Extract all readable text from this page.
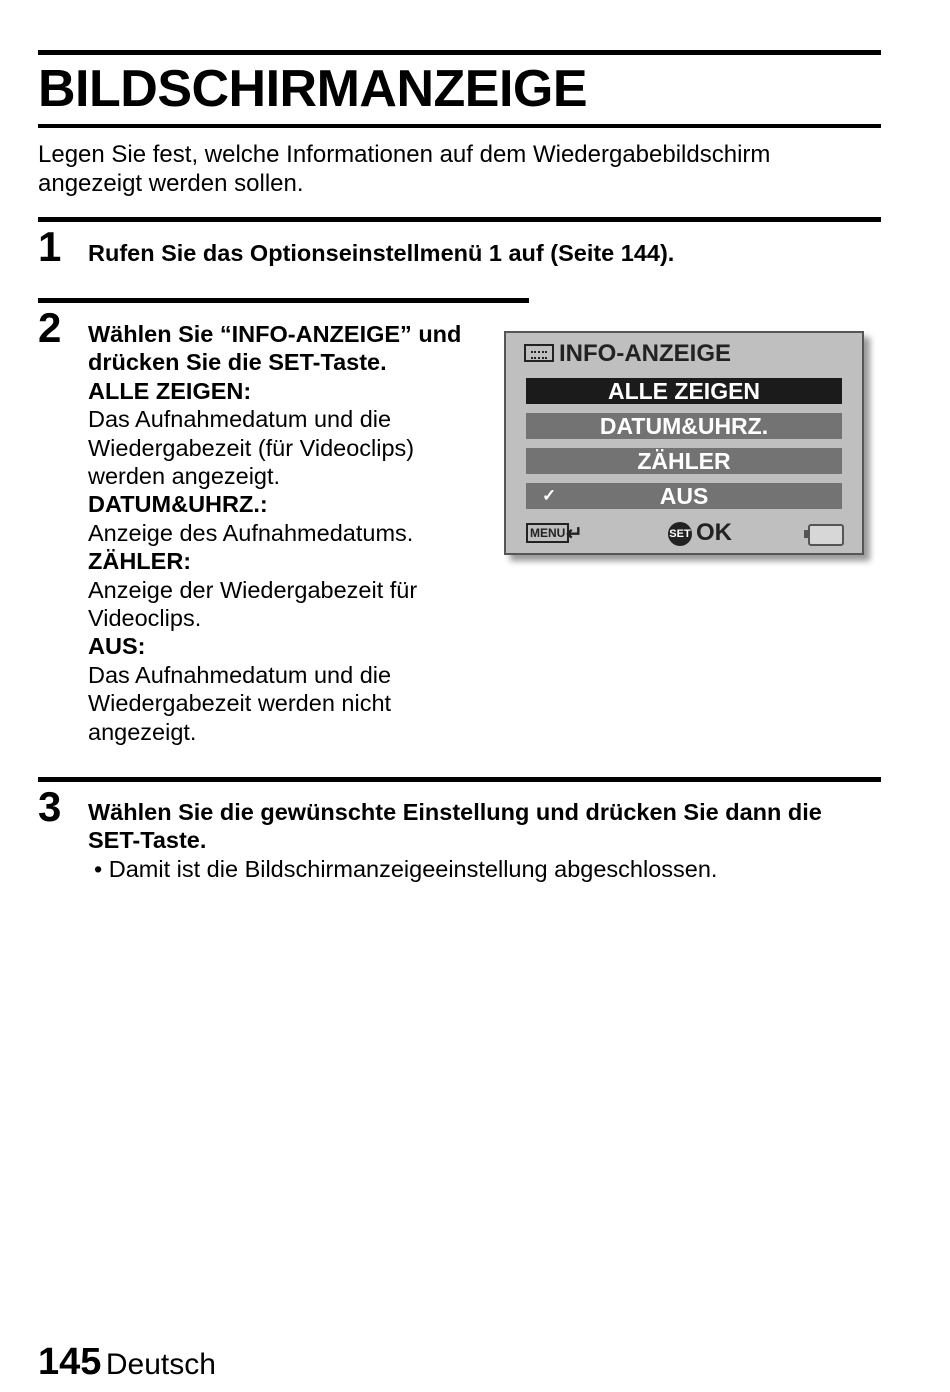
BILDSCHIRMANZEIGE
Legen Sie fest, welche Informationen auf dem Wiedergabebildschirm
angezeigt werden sollen.
1 Rufen Sie das Optionseinstellmenü 1 auf (Seite 144).
2 Wählen Sie “INFO-ANZEIGE” und
drücken Sie die SET-Taste.
ALLE ZEIGEN:
Das Aufnahmedatum und die
Wiedergabezeit (für Videoclips)
werden angezeigt.
DATUM&UHRZ.:
Anzeige des Aufnahmedatums.
ZÄHLER:
Anzeige der Wiedergabezeit für
Videoclips.
AUS:
Das Aufnahmedatum und die
Wiedergabezeit werden nicht
angezeigt.
INFO-ANZEIGE
ALLE ZEIGEN
DATUM&UHRZ.
ZÄHLER
✓	AUS
MENU ↵	SET OK
3 Wählen Sie die gewünschte Einstellung und drücken Sie dann die
SET-Taste.
• Damit ist die Bildschirmanzeigeeinstellung abgeschlossen.
145 Deutsch
